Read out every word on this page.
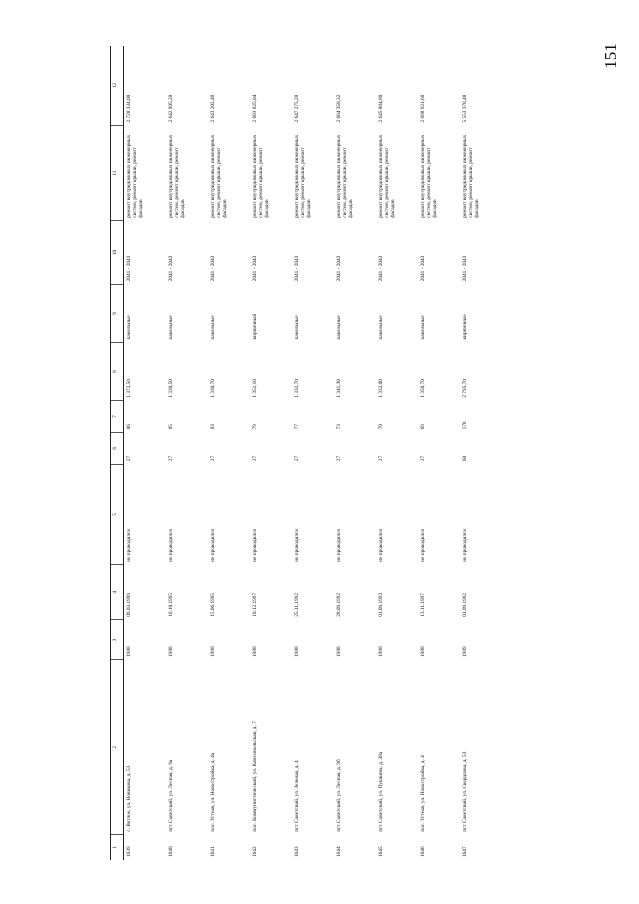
151
1	2	3	4	5	6	7	8	9	10	11	12
1639	с. Ветлое, ул. Новикова, д. 53	1988	09.03.1999	не проводился	27	86	1 372,50	панельные	2041 - 2043	ремонт внутридомовых инженерных систем, ремонт крыши, ремонт фасадов	2 728 334,00
1640	пгт Советский, ул. Лесная, д. 9а	1988	16.10.1995	не проводился	27	85	1 330,50	панельные	2041 - 2043	ремонт внутридомовых инженерных систем, ремонт крыши, ремонт фасадов	2 642 905,20
1641	пос. Угтеан, ул. Новостройка, д. 4а	1988	15.06.1995	не проводился	27	83	1 330,70	панельные	2041 - 2043	ремонт внутридомовых инженерных систем, ремонт крыши, ремонт фасадов	2 643 202,48
1642	пос. Коммунистический, ул. Комсомольская, д. 7	1988	10.12.1997	не проводился	27	79	1 351,10	кирпичный	2041 - 2043	ремонт внутридомовых инженерных систем, ремонт крыши, ремонт фасадов	2 683 825,04
1643	пгт Советский, ул. Зеленая, д. 4	1988	25.11.1992	не проводился	27	77	1 332,70	панельные	2041 - 2043	ремонт внутридомовых инженерных систем, ремонт крыши, ремонт фасадов	2 647 275,28
1644	пгт Советский, ул. Лесная, д. 9б	1988	28.09.1992	не проводился	27	73	1 341,30	панельные	2041 - 2043	ремонт внутридомовых инженерных систем, ремонт крыши, ремонт фасадов	2 664 358,32
1645	пгт Советский, ул. Пушкина, д. 38а	1988	01.09.1993	не проводился	27	70	1 332,00	панельные	2041 - 2043	ремонт внутридомовых инженерных систем, ремонт крыши, ремонт фасадов	2 645 884,80
1646	пос. Угтеан, ул. Новостройка, д. 4	1988	13.11.1997	не проводился	27	69	1 358,70	панельные	2041 - 2043	ремонт внутридомовых инженерных систем, ремонт крыши, ремонт фасадов	2 698 921,68
1647	пгт Советский, ул. Свердлова, д. 53	1989	01.09.1992	не проводился	60	176	2 795,70	кирпичные	2041 - 2043	ремонт внутридомовых инженерных систем, ремонт крыши, ремонт фасадов	5 553 378,48
